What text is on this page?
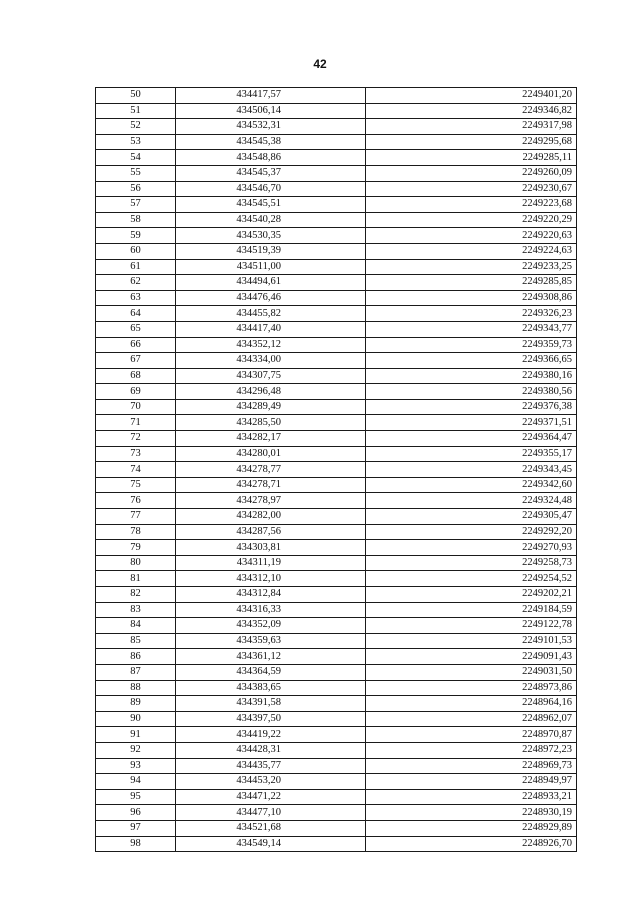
42
50	434417,57	2249401,20
51	434506,14	2249346,82
52	434532,31	2249317,98
53	434545,38	2249295,68
54	434548,86	2249285,11
55	434545,37	2249260,09
56	434546,70	2249230,67
57	434545,51	2249223,68
58	434540,28	2249220,29
59	434530,35	2249220,63
60	434519,39	2249224,63
61	434511,00	2249233,25
62	434494,61	2249285,85
63	434476,46	2249308,86
64	434455,82	2249326,23
65	434417,40	2249343,77
66	434352,12	2249359,73
67	434334,00	2249366,65
68	434307,75	2249380,16
69	434296,48	2249380,56
70	434289,49	2249376,38
71	434285,50	2249371,51
72	434282,17	2249364,47
73	434280,01	2249355,17
74	434278,77	2249343,45
75	434278,71	2249342,60
76	434278,97	2249324,48
77	434282,00	2249305,47
78	434287,56	2249292,20
79	434303,81	2249270,93
80	434311,19	2249258,73
81	434312,10	2249254,52
82	434312,84	2249202,21
83	434316,33	2249184,59
84	434352,09	2249122,78
85	434359,63	2249101,53
86	434361,12	2249091,43
87	434364,59	2249031,50
88	434383,65	2248973,86
89	434391,58	2248964,16
90	434397,50	2248962,07
91	434419,22	2248970,87
92	434428,31	2248972,23
93	434435,77	2248969,73
94	434453,20	2248949,97
95	434471,22	2248933,21
96	434477,10	2248930,19
97	434521,68	2248929,89
98	434549,14	2248926,70
